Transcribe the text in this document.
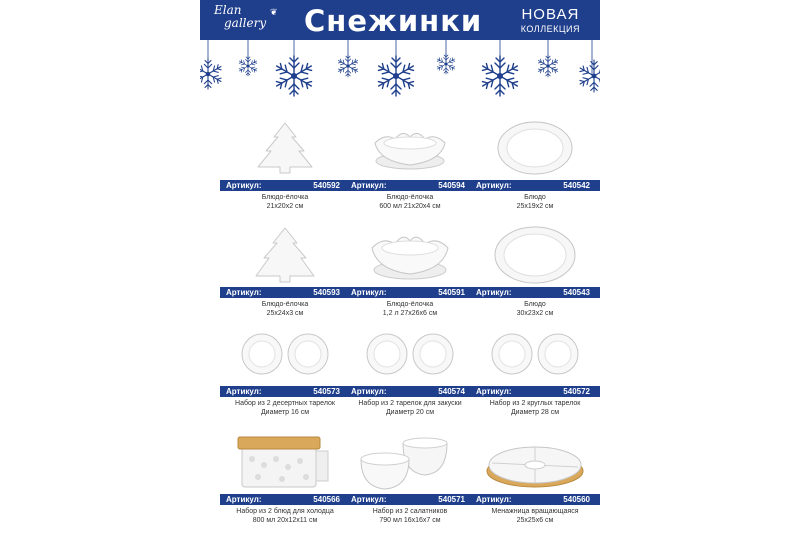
Elan
gallery
❦ Снежинки	НОВАЯ
КОЛЛЕКЦИЯ
Артикул:	540592
Блюдо-ёлочка
21x20x2 см
Артикул:	540594
Блюдо-ёлочка
600 мл 21x20x4 см
Артикул:	540542
Блюдо
25x19x2 см
Артикул:	540593
Блюдо-ёлочка
25x24x3 см
Артикул:	540591
Блюдо-ёлочка
1,2 л 27x26x6 см
Артикул:	540543
Блюдо
30x23x2 см
Артикул:	540573
Набор из 2 десертных тарелок
Диаметр 16 см
Артикул:	540574
Набор из 2 тарелок для закуски
Диаметр 20 см
Артикул:	540572
Набор из 2 круглых тарелок
Диаметр 28 см
Артикул:	540566
Набор из 2 блюд для холодца
800 мл 20x12x11 см
Артикул:	540571
Набор из 2 салатников
790 мл 16x16x7 см
Артикул:	540560
Менажница вращающаяся
25x25x6 см
